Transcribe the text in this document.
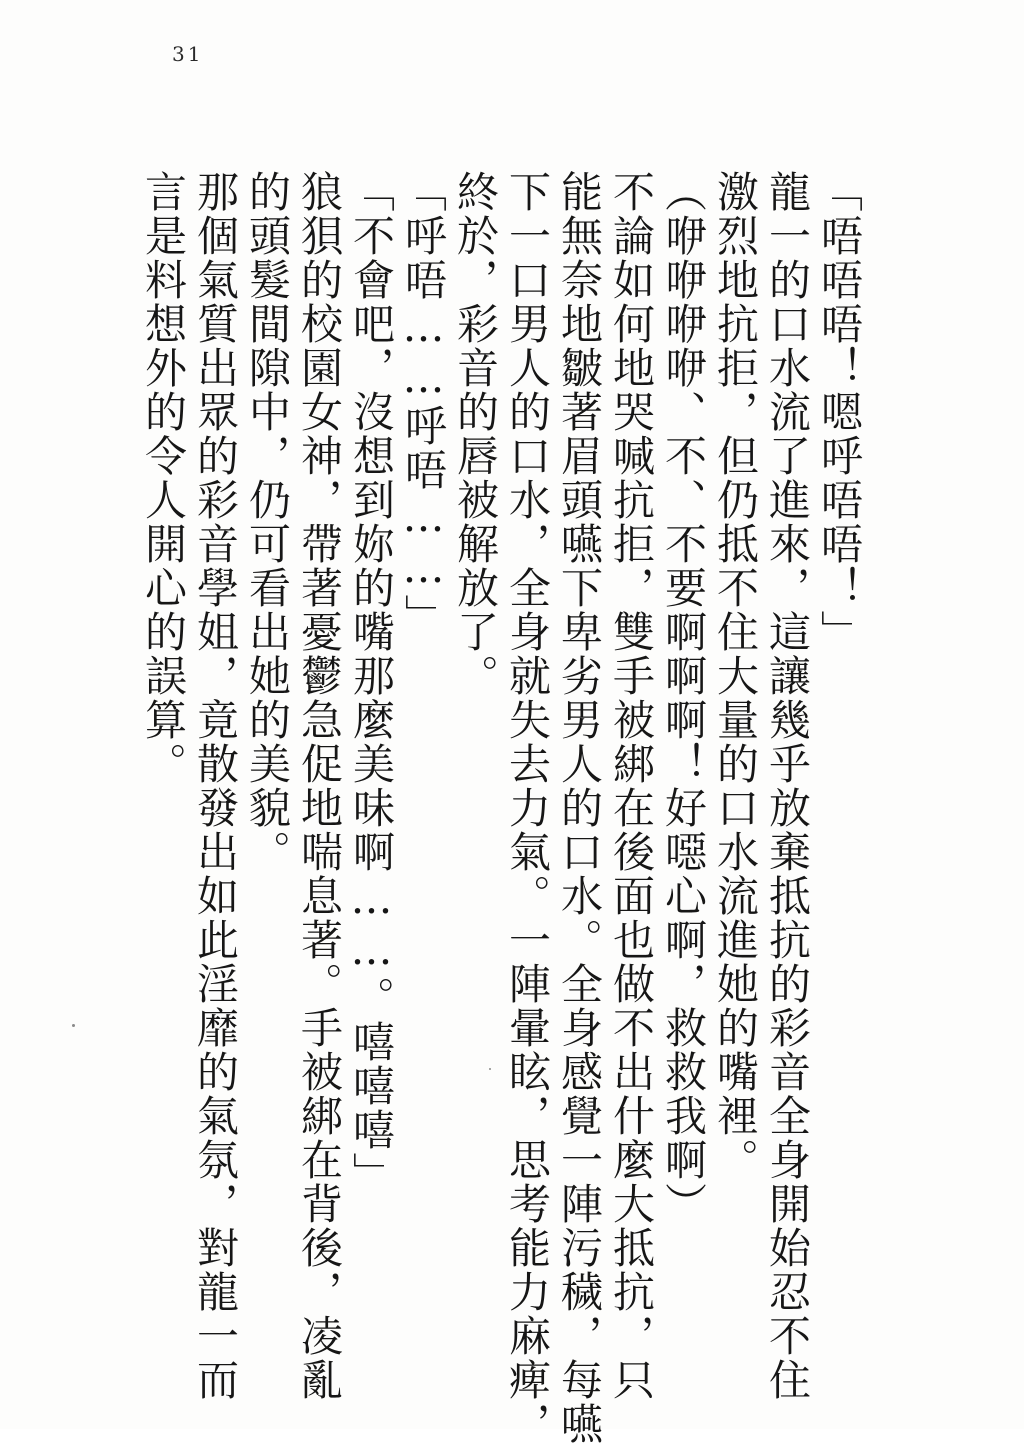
31
「唔唔唔！嗯呼唔唔！」
龍一的口水流了進來，這讓幾乎放棄抵抗的彩音全身開始忍不住
激烈地抗拒，但仍抵不住大量的口水流進她的嘴裡。
（咿咿咿咿、不、不要啊啊啊！好噁心啊，救救我啊）
不論如何地哭喊抗拒，雙手被綁在後面也做不出什麼大抵抗，只
能無奈地皺著眉頭嚥下卑劣男人的口水。全身感覺一陣污穢，每嚥
下一口男人的口水，全身就失去力氣。一陣暈眩，思考能力麻痺，
終於，彩音的唇被解放了。
「呼唔……呼唔……」
「不會吧，沒想到妳的嘴那麼美味啊……。嘻嘻嘻」
狼狽的校園女神，帶著憂鬱急促地喘息著。手被綁在背後，凌亂
的頭髮間隙中，仍可看出她的美貌。
那個氣質出眾的彩音學姐，竟散發出如此淫靡的氣氛，對龍一而
言是料想外的令人開心的誤算。
